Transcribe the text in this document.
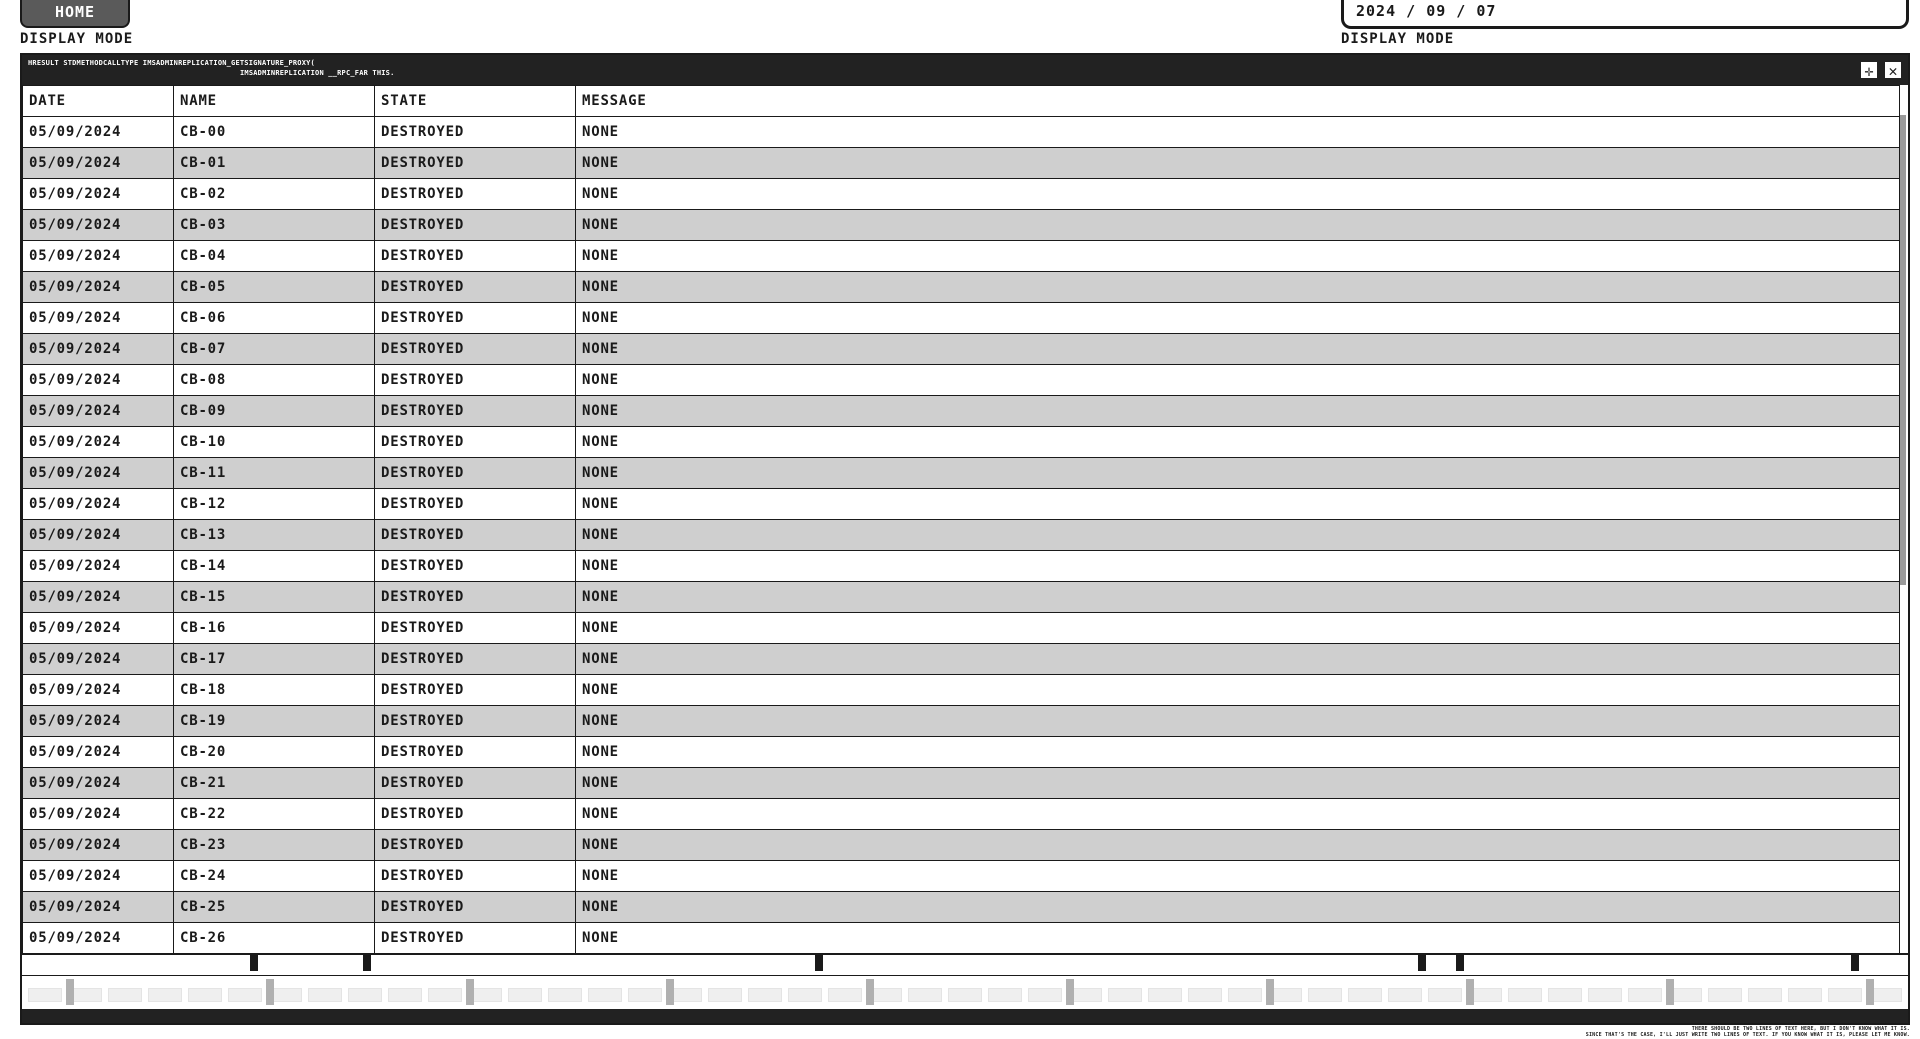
HOME
DISPLAY MODE
2024 / 09 / 07
DISPLAY MODE
HRESULT STDMETHODCALLTYPE IMSADMINREPLICATION_GETSIGNATURE_PROXY(
IMSADMINREPLICATION __RPC_FAR THIS.	✛ ✕
DATE	NAME	STATE	MESSAGE
05/09/2024	CB-00	DESTROYED	NONE
05/09/2024	CB-01	DESTROYED	NONE
05/09/2024	CB-02	DESTROYED	NONE
05/09/2024	CB-03	DESTROYED	NONE
05/09/2024	CB-04	DESTROYED	NONE
05/09/2024	CB-05	DESTROYED	NONE
05/09/2024	CB-06	DESTROYED	NONE
05/09/2024	CB-07	DESTROYED	NONE
05/09/2024	CB-08	DESTROYED	NONE
05/09/2024	CB-09	DESTROYED	NONE
05/09/2024	CB-10	DESTROYED	NONE
05/09/2024	CB-11	DESTROYED	NONE
05/09/2024	CB-12	DESTROYED	NONE
05/09/2024	CB-13	DESTROYED	NONE
05/09/2024	CB-14	DESTROYED	NONE
05/09/2024	CB-15	DESTROYED	NONE
05/09/2024	CB-16	DESTROYED	NONE
05/09/2024	CB-17	DESTROYED	NONE
05/09/2024	CB-18	DESTROYED	NONE
05/09/2024	CB-19	DESTROYED	NONE
05/09/2024	CB-20	DESTROYED	NONE
05/09/2024	CB-21	DESTROYED	NONE
05/09/2024	CB-22	DESTROYED	NONE
05/09/2024	CB-23	DESTROYED	NONE
05/09/2024	CB-24	DESTROYED	NONE
05/09/2024	CB-25	DESTROYED	NONE
05/09/2024	CB-26	DESTROYED	NONE
THERE SHOULD BE TWO LINES OF TEXT HERE, BUT I DON'T KNOW WHAT IT IS.
SINCE THAT'S THE CASE, I'LL JUST WRITE TWO LINES OF TEXT. IF YOU KNOW WHAT IT IS, PLEASE LET ME KNOW.
